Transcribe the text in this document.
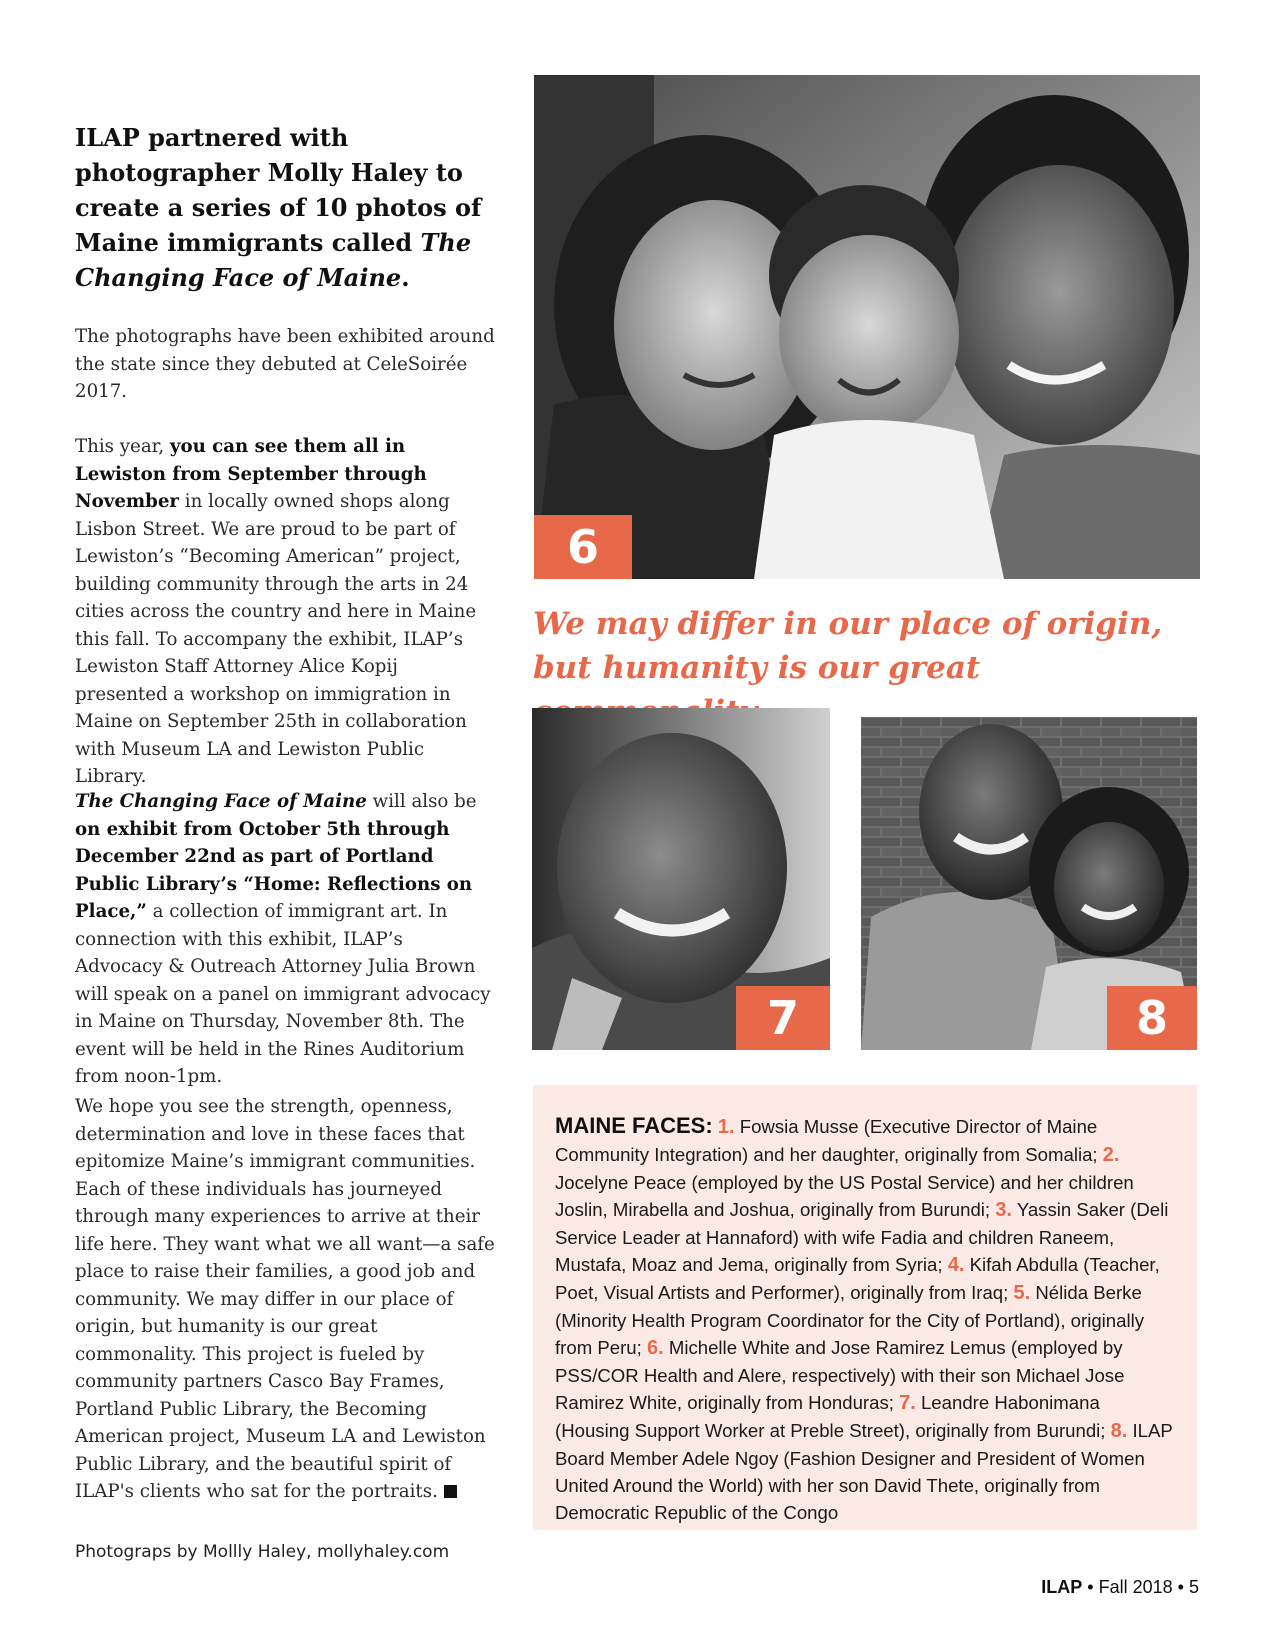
ILAP partnered with photographer Molly Haley to create a series of 10 photos of Maine immigrants called The Changing Face of Maine.

The photographs have been exhibited around the state since they debuted at CeleSoirée 2017.

This year, you can see them all in Lewiston from September through November in locally owned shops along Lisbon Street. We are proud to be part of Lewiston’s “Becoming American” project, building community through the arts in 24 cities across the country and here in Maine this fall. To accompany the exhibit, ILAP’s Lewiston Staff Attorney Alice Kopij presented a workshop on immigration in Maine on September 25th in collaboration with Museum LA and Lewiston Public Library.

The Changing Face of Maine will also be on exhibit from October 5th through December 22nd as part of Portland Public Library’s “Home: Reflections on Place,” a collection of immigrant art. In connection with this exhibit, ILAP’s Advocacy & Outreach Attorney Julia Brown will speak on a panel on immigrant advocacy in Maine on Thursday, November 8th. The event will be held in the Rines Auditorium from noon-1pm.

We hope you see the strength, openness, determination and love in these faces that epitomize Maine’s immigrant communities. Each of these individuals has journeyed through many experiences to arrive at their life here. They want what we all want—a safe place to raise their families, a good job and community. We may differ in our place of origin, but humanity is our great commonality. This project is fueled by community partners Casco Bay Frames, Portland Public Library, the Becoming American project, Museum LA and Lewiston Public Library, and the beautiful spirit of ILAP's clients who sat for the portraits.

Photograps by Mollly Haley, mollyhaley.com
6

We may differ in our place of origin, but humanity is our great

7	8
MAINE FACES: 1. Fowsia Musse (Executive Director of Maine Community Integration) and her daughter, originally from Somalia; 2. Jocelyne Peace (employed by the US Postal Service) and her children Joslin, Mirabella and Joshua, originally from Burundi; 3. Yassin Saker (Deli Service Leader at Hannaford) with wife Fadia and children Raneem, Mustafa, Moaz and Jema, originally from Syria; 4. Kifah Abdulla (Teacher, Poet, Visual Artists and Performer), originally from Iraq; 5. Nélida Berke (Minority Health Program Coordinator for the City of Portland), originally from Peru; 6. Michelle White and Jose Ramirez Lemus (employed by PSS/COR Health and Alere, respectively) with their son Michael Jose Ramirez White, originally from Honduras; 7. Leandre Habonimana (Housing Support Worker at Preble Street), originally from Burundi; 8. ILAP Board Member Adele Ngoy (Fashion Designer and President of Women United Around the World) with her son David Thete, originally from Democratic Republic of the Congo
ILAP • Fall 2018 • 5
